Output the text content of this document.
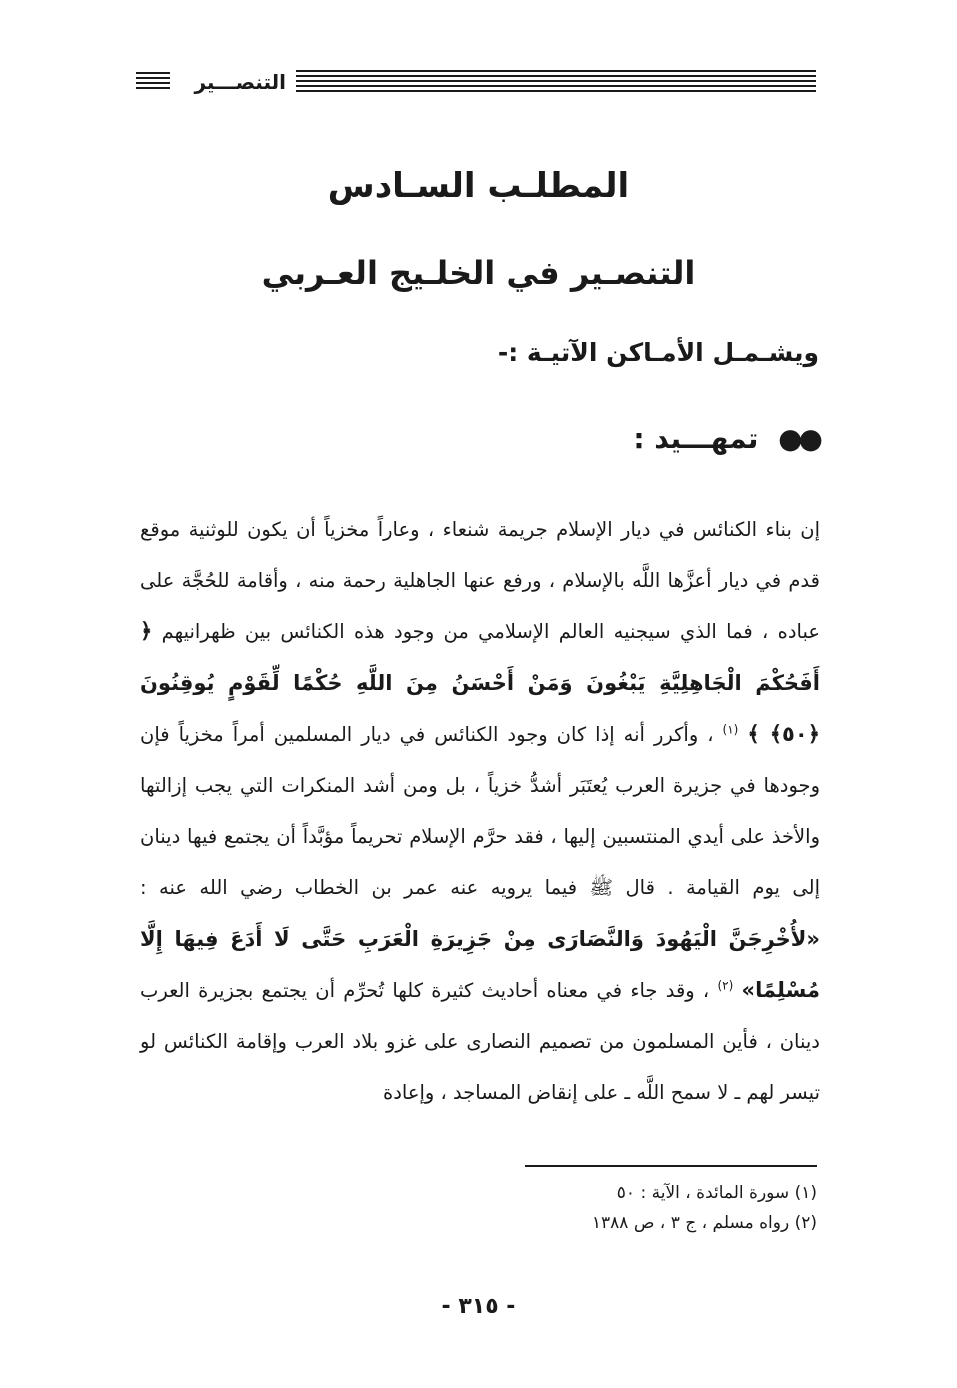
التنصـــير
المطلـب السـادس
التنصـير في الخلـيج العـربي
ويشـمـل الأمـاكن الآتيـة :-
●● تمهـــيد :
إن بناء الكنائس في ديار الإسلام جريمة شنعاء ، وعاراً مخزياً أن يكون للوثنية موقع قدم في ديار أعزَّها اللَّه بالإسلام ، ورفع عنها الجاهلية رحمة منه ، وأقامة للحُجَّة على عباده ، فما الذي سيجنيه العالم الإسلامي من وجود هذه الكنائس بين ظهرانيهم ﴿ أَفَحُكْمَ الْجَاهِلِيَّةِ يَبْغُونَ وَمَنْ أَحْسَنُ مِنَ اللَّهِ حُكْمًا لِّقَوْمٍ يُوقِنُونَ ﴿٥٠﴾ ﴾ $^{(١)}$ ، وأكرر أنه إذا كان وجود الكنائس في ديار المسلمين أمراً مخزياً فإن وجودها في جزيرة العرب يُعتَبَر أشدُّ خزياً ، بل ومن أشد المنكرات التي يجب إزالتها والأخذ على أيدي المنتسبين إليها ، فقد حرَّم الإسلام تحريماً مؤبَّداً أن يجتمع فيها دينان إلى يوم القيامة . قال ﷺ فيما يرويه عنه عمر بن الخطاب رضي الله عنه : «لأُخْرِجَنَّ الْيَهُودَ وَالنَّصَارَى مِنْ جَزِيرَةِ الْعَرَبِ حَتَّى لَا أَدَعَ فِيهَا إِلَّا مُسْلِمًا» $^{(٢)}$ ، وقد جاء في معناه أحاديث كثيرة كلها تُحرِّم أن يجتمع بجزيرة العرب دينان ، فأين المسلمون من تصميم النصارى على غزو بلاد العرب وإقامة الكنائس لو تيسر لهم ـ لا سمح اللَّه ـ على إنقاض المساجد ، وإعادة
(١) سورة المائدة ، الآية : ٥٠
(٢) رواه مسلم ، ج ٣ ، ص ١٣٨٨
- ٣١٥ -
